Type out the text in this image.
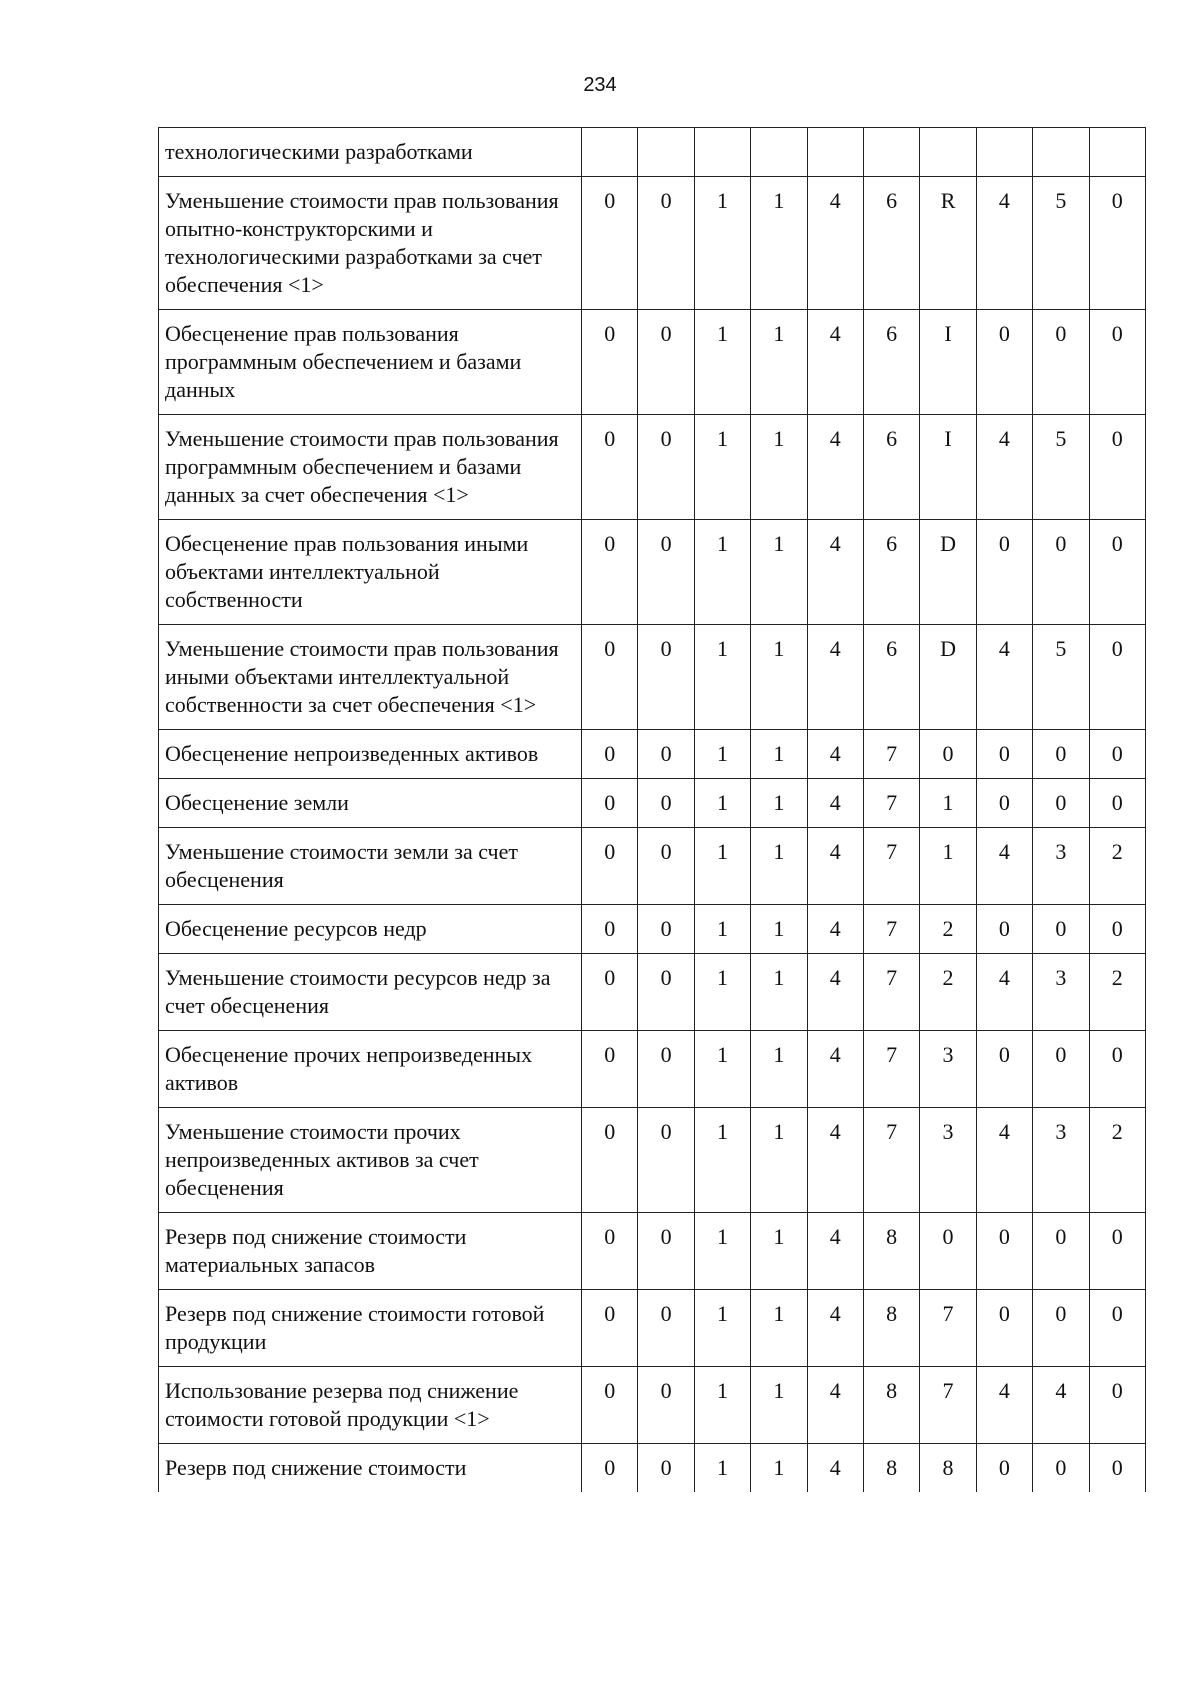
234
технологическими разработками										
Уменьшение стоимости прав пользования опытно-конструкторскими и технологическими разработками за счет обеспечения <1>	0	0	1	1	4	6	R	4	5	0
Обесценение прав пользования программным обеспечением и базами данных	0	0	1	1	4	6	I	0	0	0
Уменьшение стоимости прав пользования программным обеспечением и базами данных за счет обеспечения <1>	0	0	1	1	4	6	I	4	5	0
Обесценение прав пользования иными объектами интеллектуальной собственности	0	0	1	1	4	6	D	0	0	0
Уменьшение стоимости прав пользования иными объектами интеллектуальной собственности за счет обеспечения <1>	0	0	1	1	4	6	D	4	5	0
Обесценение непроизведенных активов	0	0	1	1	4	7	0	0	0	0
Обесценение земли	0	0	1	1	4	7	1	0	0	0
Уменьшение стоимости земли за счет обесценения	0	0	1	1	4	7	1	4	3	2
Обесценение ресурсов недр	0	0	1	1	4	7	2	0	0	0
Уменьшение стоимости ресурсов недр за счет обесценения	0	0	1	1	4	7	2	4	3	2
Обесценение прочих непроизведенных активов	0	0	1	1	4	7	3	0	0	0
Уменьшение стоимости прочих непроизведенных активов за счет обесценения	0	0	1	1	4	7	3	4	3	2
Резерв под снижение стоимости материальных запасов	0	0	1	1	4	8	0	0	0	0
Резерв под снижение стоимости готовой продукции	0	0	1	1	4	8	7	0	0	0
Использование резерва под снижение стоимости готовой продукции <1>	0	0	1	1	4	8	7	4	4	0
Резерв под снижение стоимости	0	0	1	1	4	8	8	0	0	0
